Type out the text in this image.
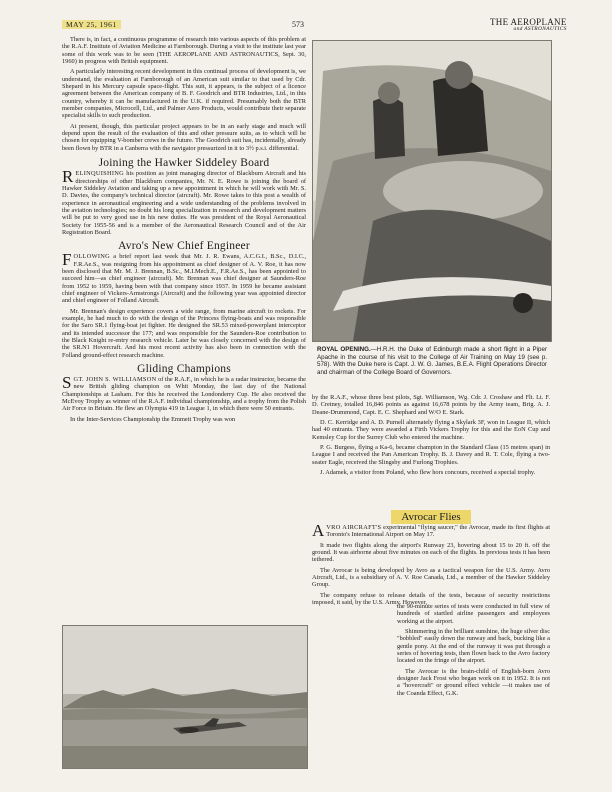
MAY 25, 1961	573	THE AEROPLANE
and ASTRONAUTICS

There is, in fact, a continuous programme of research into various aspects of this problem at the R.A.F. Institute of Aviation Medicine at Farnborough. During a visit to the institute last year some of this work was to be seen (THE AEROPLANE AND ASTRONAUTICS, Sept. 30, 1960) in progress with British equipment.

A particularly interesting recent development in this continual process of development is, we understand, the evaluation at Farnborough of an American suit similar to that used by Cdr. Shepard in his Mercury capsule space-flight. This suit, it appears, is the subject of a licence agreement between the American company of B. F. Goodrich and BTR Industries, Ltd., in this country, whereby it can be manufactured in the U.K. if required. Presumably both the BTR member companies, Microcell, Ltd., and Palmer Aero Products, would contribute their separate specialist skills to such production.

At present, though, this particular project appears to be in an early stage and much will depend upon the result of the evaluation of this and other pressure suits, as to which will be chosen for equipping V-bomber crews in the future. The Goodrich suit has, incidentally, already been flown by BTR in a Canberra with the navigator pressurized in it to 3½ p.s.i. differential.

Joining the Hawker Siddeley Board

RELINQUISHING his position as joint managing director of Blackburn Aircraft and his directorships of other Blackburn companies, Mr. N. E. Rowe is joining the board of Hawker Siddeley Aviation and taking up a new appointment in which he will work with Mr. S. D. Davies, the company's technical director (aircraft). Mr. Rowe takes to this post a wealth of experience in aeronautical engineering and a wide understanding of the problems involved in the aviation technologies; no doubt his long specialization in research and development matters will be put to very good use in his new duties. He was president of the Royal Aeronautical Society for 1955-56 and is a member of the Aeronautical Research Council and of the Air Registration Board.

Avro's New Chief Engineer

FOLLOWING a brief report last week that Mr. J. R. Ewans, A.C.G.I., B.Sc., D.I.C., F.R.Ae.S., was resigning from his appointment as chief designer of A. V. Roe, it has now been disclosed that Mr. M. J. Brennan, B.Sc., M.I.Mech.E., F.R.Ae.S., has been appointed to succeed him—as chief engineer (aircraft). Mr. Brennan was chief designer at Saunders-Roe from 1952 to 1959, having been with that company since 1937. In 1959 he became assistant chief engineer of Vickers-Armstrongs (Aircraft) and the following year was appointed director and chief engineer of Folland Aircraft.

Mr. Brennan's design experience covers a wide range, from marine aircraft to rockets. For example, he had much to do with the design of the Princess flying-boats and was responsible for the Saro SR.1 flying-boat jet fighter. He designed the SR.53 mixed-powerplant interceptor and its intended successor the 177; and was responsible for the Saunders-Roe contribution to the Black Knight re-entry research vehicle. Later he was closely concerned with the design of the SR.N1 Hovercraft. And his most recent activity has also been in connection with the Folland ground-effect research machine.

Gliding Champions

SGT. JOHN S. WILLIAMSON of the R.A.F., in which he is a radar instructor, became the new British gliding champion on Whit Monday, the last day of the National Championships at Lasham. For this he received the Londonderry Cup. He also received the McEvoy Trophy as winner of the R.A.F. individual championship, and a trophy from the Polish Air Force in Britain. He flew an Olympia 419 in League 1, in which there were 50 entrants.

In the Inter-Services Championship the Emmett Trophy was won

ROYAL OPENING.—H.R.H. the Duke of Edinburgh made a short flight in a Piper Apache in the course of his visit to the College of Air Training on May 19 (see p. 578). With the Duke here is Capt. J. W. G. James, B.E.A. Flight Operations Director and chairman of the College Board of Governors.

by the R.A.F., whose three best pilots, Sgt. Williamson, Wg. Cdr. J. Croshaw and Flt. Lt. F. D. Cretney, totalled 16,846 points as against 16,678 points by the Army team, Brig. A. J. Deane-Drummond, Capt. E. C. Shephard and W/O E. Stark.

D. C. Kerridge and A. D. Purnell alternately flying a Skylark 3F, won in League II, which had 40 entrants. They were awarded a Firth Vickers Trophy for this and the EoN Cup and Kemsley Cup for the Surrey Club who entered the machine.

P. G. Burgess, flying a Ka-6, became champion in the Standard Class (15 metres span) in League I and received the Pan American Trophy. B. J. Davey and R. T. Cole, flying a two-seater Eagle, received the Slingsby and Furlong Trophies.

J. Adamek, a visitor from Poland, who flew hors concours, received a special trophy.

Avrocar Flies

AVRO AIRCRAFT'S experimental "flying saucer," the Avrocar, made its first flights at Toronto's International Airport on May 17.

It made two flights along the airport's Runway 23, hovering about 15 to 20 ft. off the ground. It was airborne about five minutes on each of the flights. In previous tests it has been tethered.

The Avrocar is being developed by Avro as a tactical weapon for the U.S. Army. Avro Aircraft, Ltd., is a subsidiary of A. V. Roe Canada, Ltd., a member of the Hawker Siddeley Group.

The company refuse to release details of the tests, because of security restrictions imposed, it said, by the U.S. Army. However,

the 90-minute series of tests were conducted in full view of hundreds of startled airline passengers and employees working at the airport.

Shimmering in the brilliant sunshine, the huge silver disc "bobbled" easily down the runway and back, bucking like a gentle pony. At the end of the runway it was put through a series of hovering tests, then flown back to the Avro factory located on the fringe of the airport.

The Avrocar is the brain-child of English-born Avro designer Jack Frost who began work on it in 1952. It is not a "hovercraft" or ground effect vehicle —it makes use of the Coanda Effect, G.K.
